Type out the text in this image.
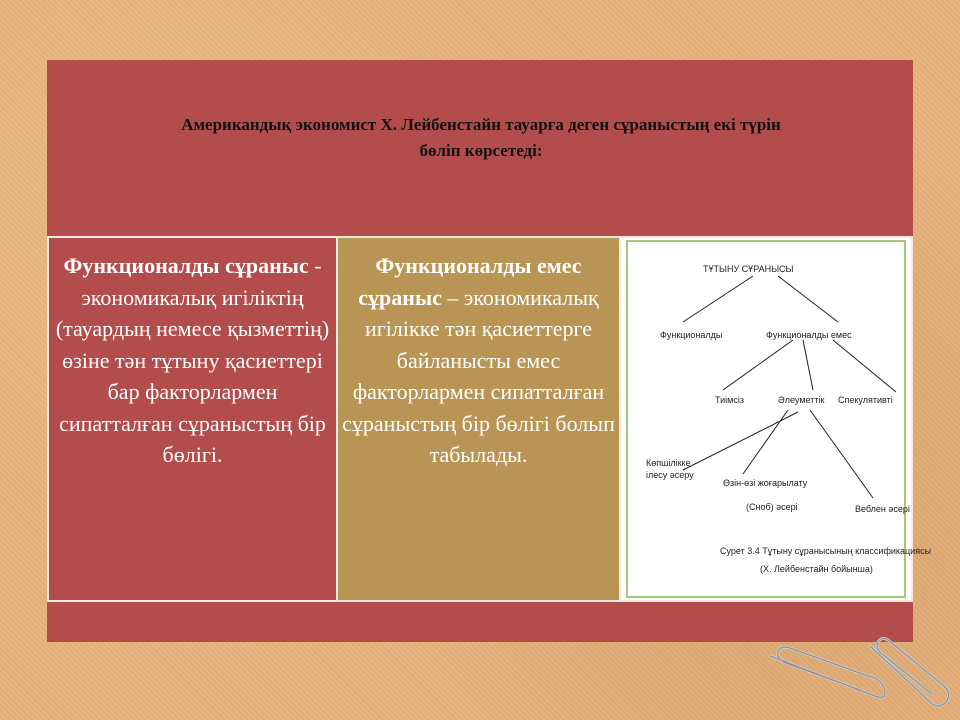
Американдық экономист Х. Лейбенстайн тауарға деген сұраныстың екі түрін
бөліп көрсетеді:
Функционалды сұраныс - экономикалық игіліктің (тауардың немесе қызметтің) өзіне тән тұтыну қасиеттері бар факторлармен сипатталған сұраныстың бір бөлігі.
Функционалды емес сұраныс – экономикалық игілікке тән қасиеттерге байланысты емес факторлармен сипатталған сұраныстың бір бөлігі болып табылады.
ТҰТЫНУ СҰРАНЫСЫ
Функционалды	Функционалды емес
Тиімсіз	Әлеуметтік Спекулятивті
Көпшілікке
ілесу әсеру
Өзін-өзі жоғарылату
(Сноб) әсері	Веблен әсері
Сурет 3.4 Тұтыну сұранысының классификациясы
(Х. Лейбенстайн бойынша)
